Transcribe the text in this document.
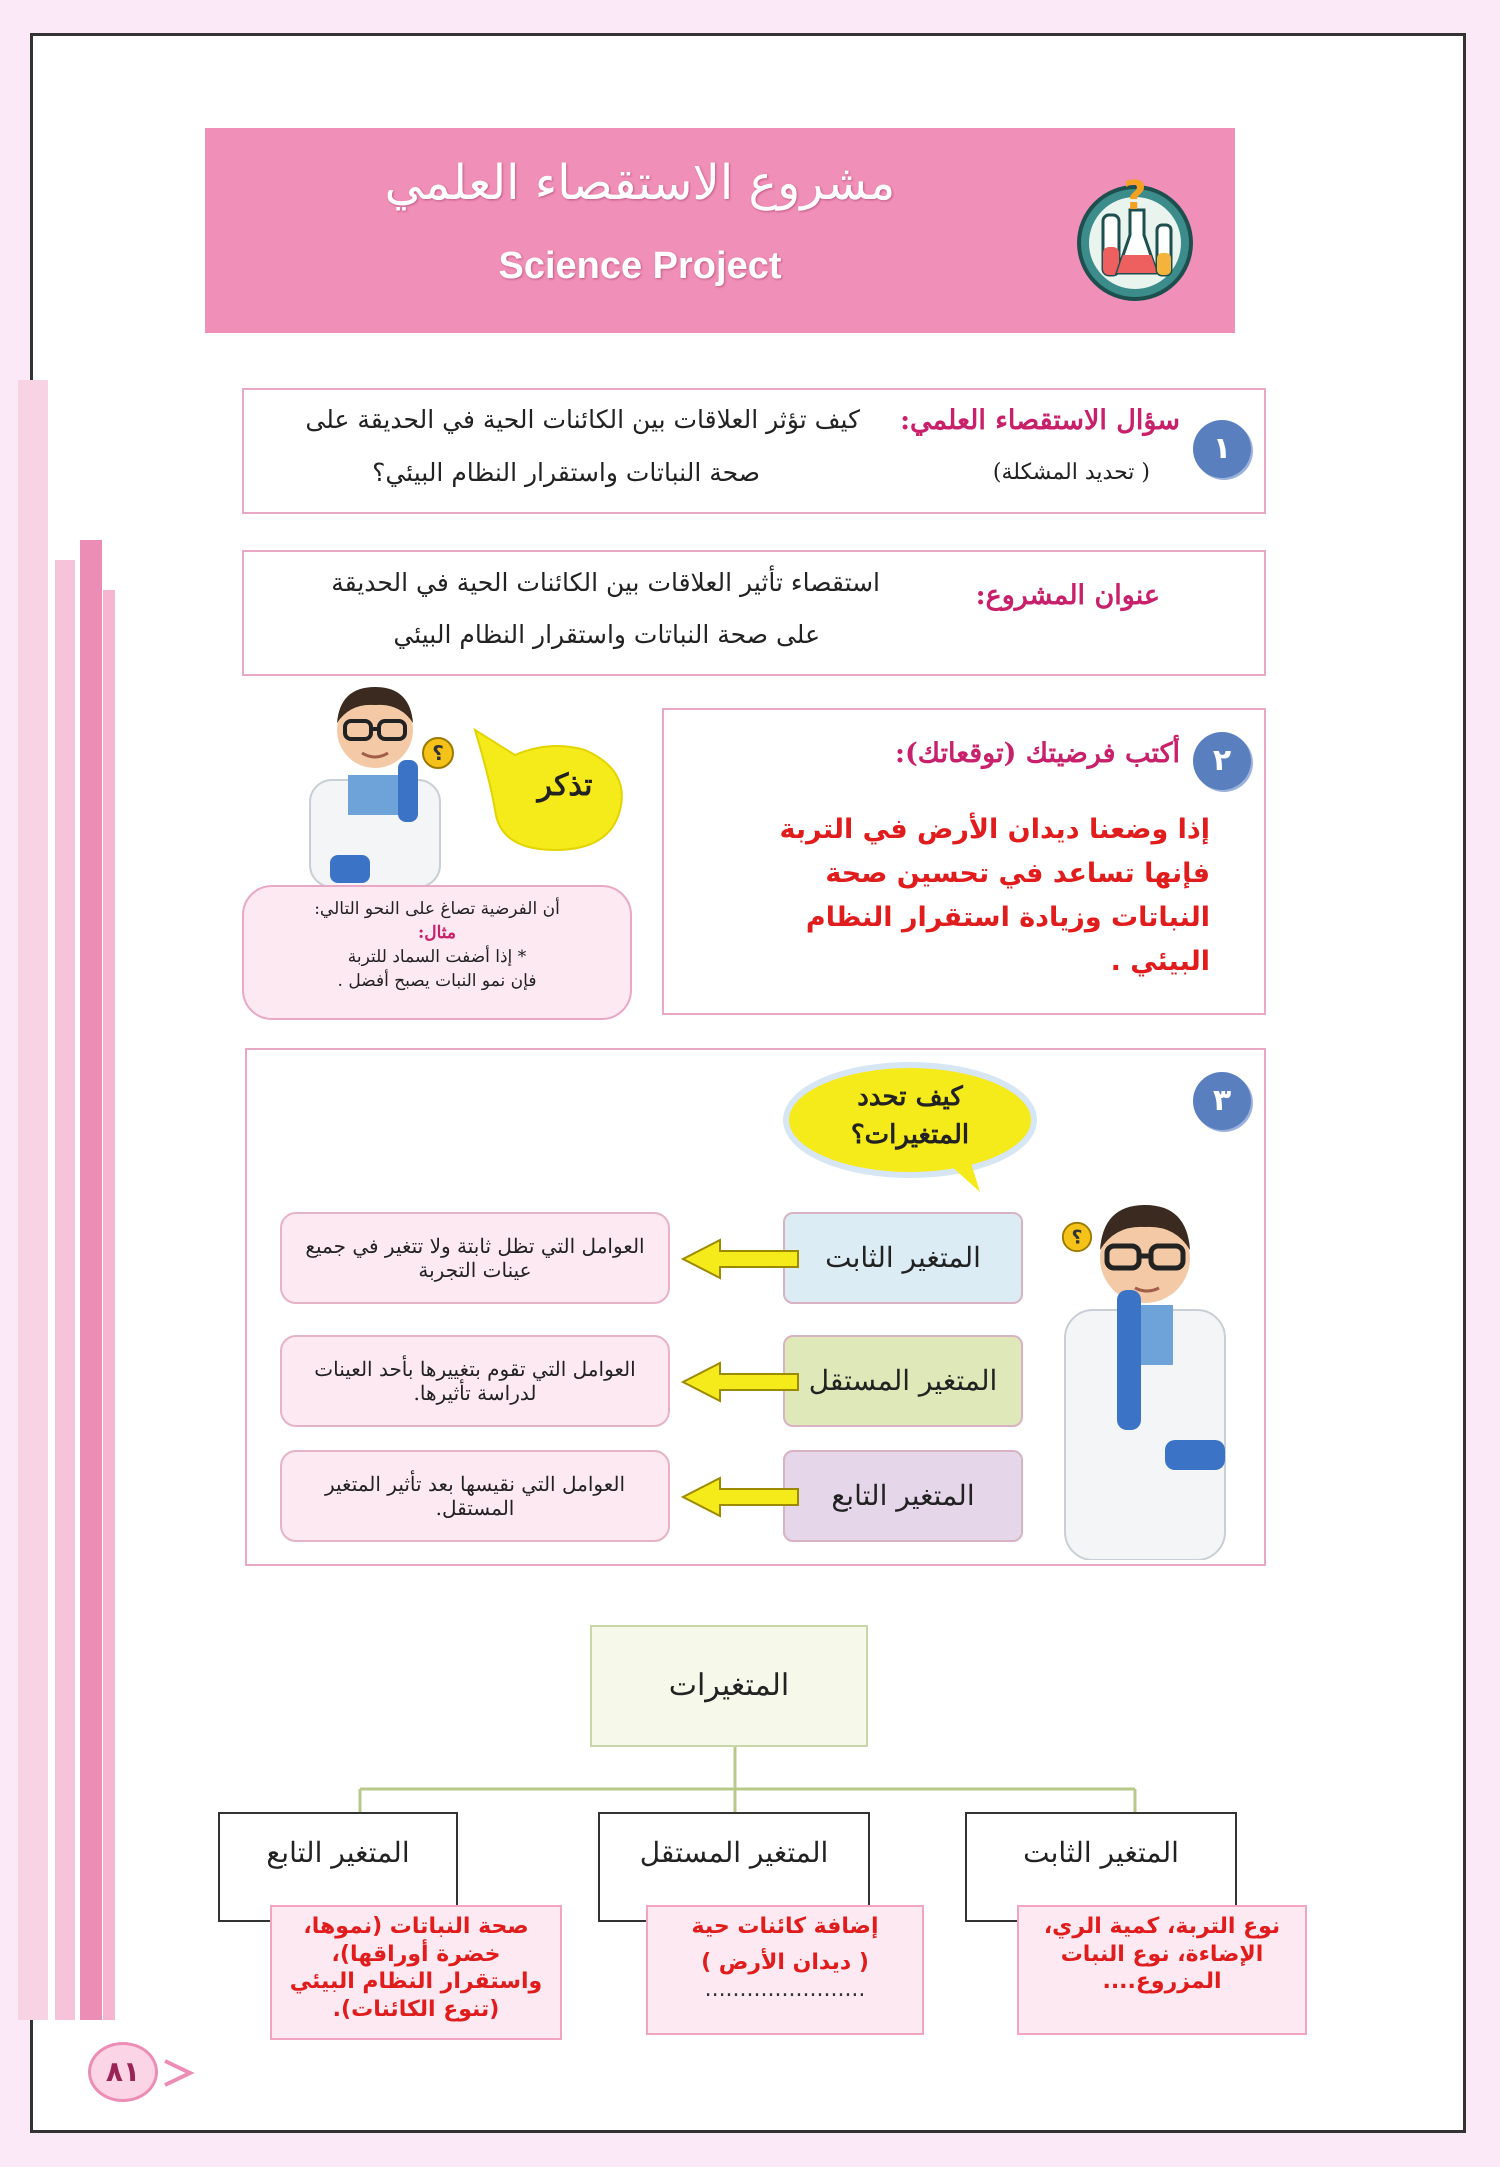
مشروع الاستقصاء العلمي
Science Project
?
١
سؤال الاستقصاء العلمي:
( تحديد المشكلة)
كيف تؤثر العلاقات بين الكائنات الحية في الحديقة على
صحة النباتات واستقرار النظام البيئي؟
عنوان المشروع:
استقصاء تأثير العلاقات بين الكائنات الحية في الحديقة
على صحة النباتات واستقرار النظام البيئي
٢
أكتب فرضيتك (توقعاتك):
إذا وضعنا ديدان الأرض في التربة
فإنها تساعد في تحسين صحة
النباتات وزيادة استقرار النظام
البيئي .
؟
تذكر
أن الفرضية تصاغ على النحو التالي:
مثال:
* إذا أضفت السماد للتربة
فإن نمو النبات يصبح أفضل .
٣
كيف تحدد
المتغيرات؟
؟
المتغير الثابت
المتغير المستقل
المتغير التابع
العوامل التي تظل ثابتة ولا تتغير في جميع عينات التجربة
العوامل التي تقوم بتغييرها بأحد العينات لدراسة تأثيرها.
العوامل التي نقيسها بعد تأثير المتغير المستقل.
المتغيرات
المتغير التابع	المتغير المستقل	المتغير الثابت
صحة النباتات (نموها، خضرة أوراقها)، واستقرار النظام البيئي (تنوع الكائنات).
إضافة كائنات حية
( ديدان الأرض )
.......................
نوع التربة، كمية الري، الإضاءة، نوع النبات المزروع....
٨١
